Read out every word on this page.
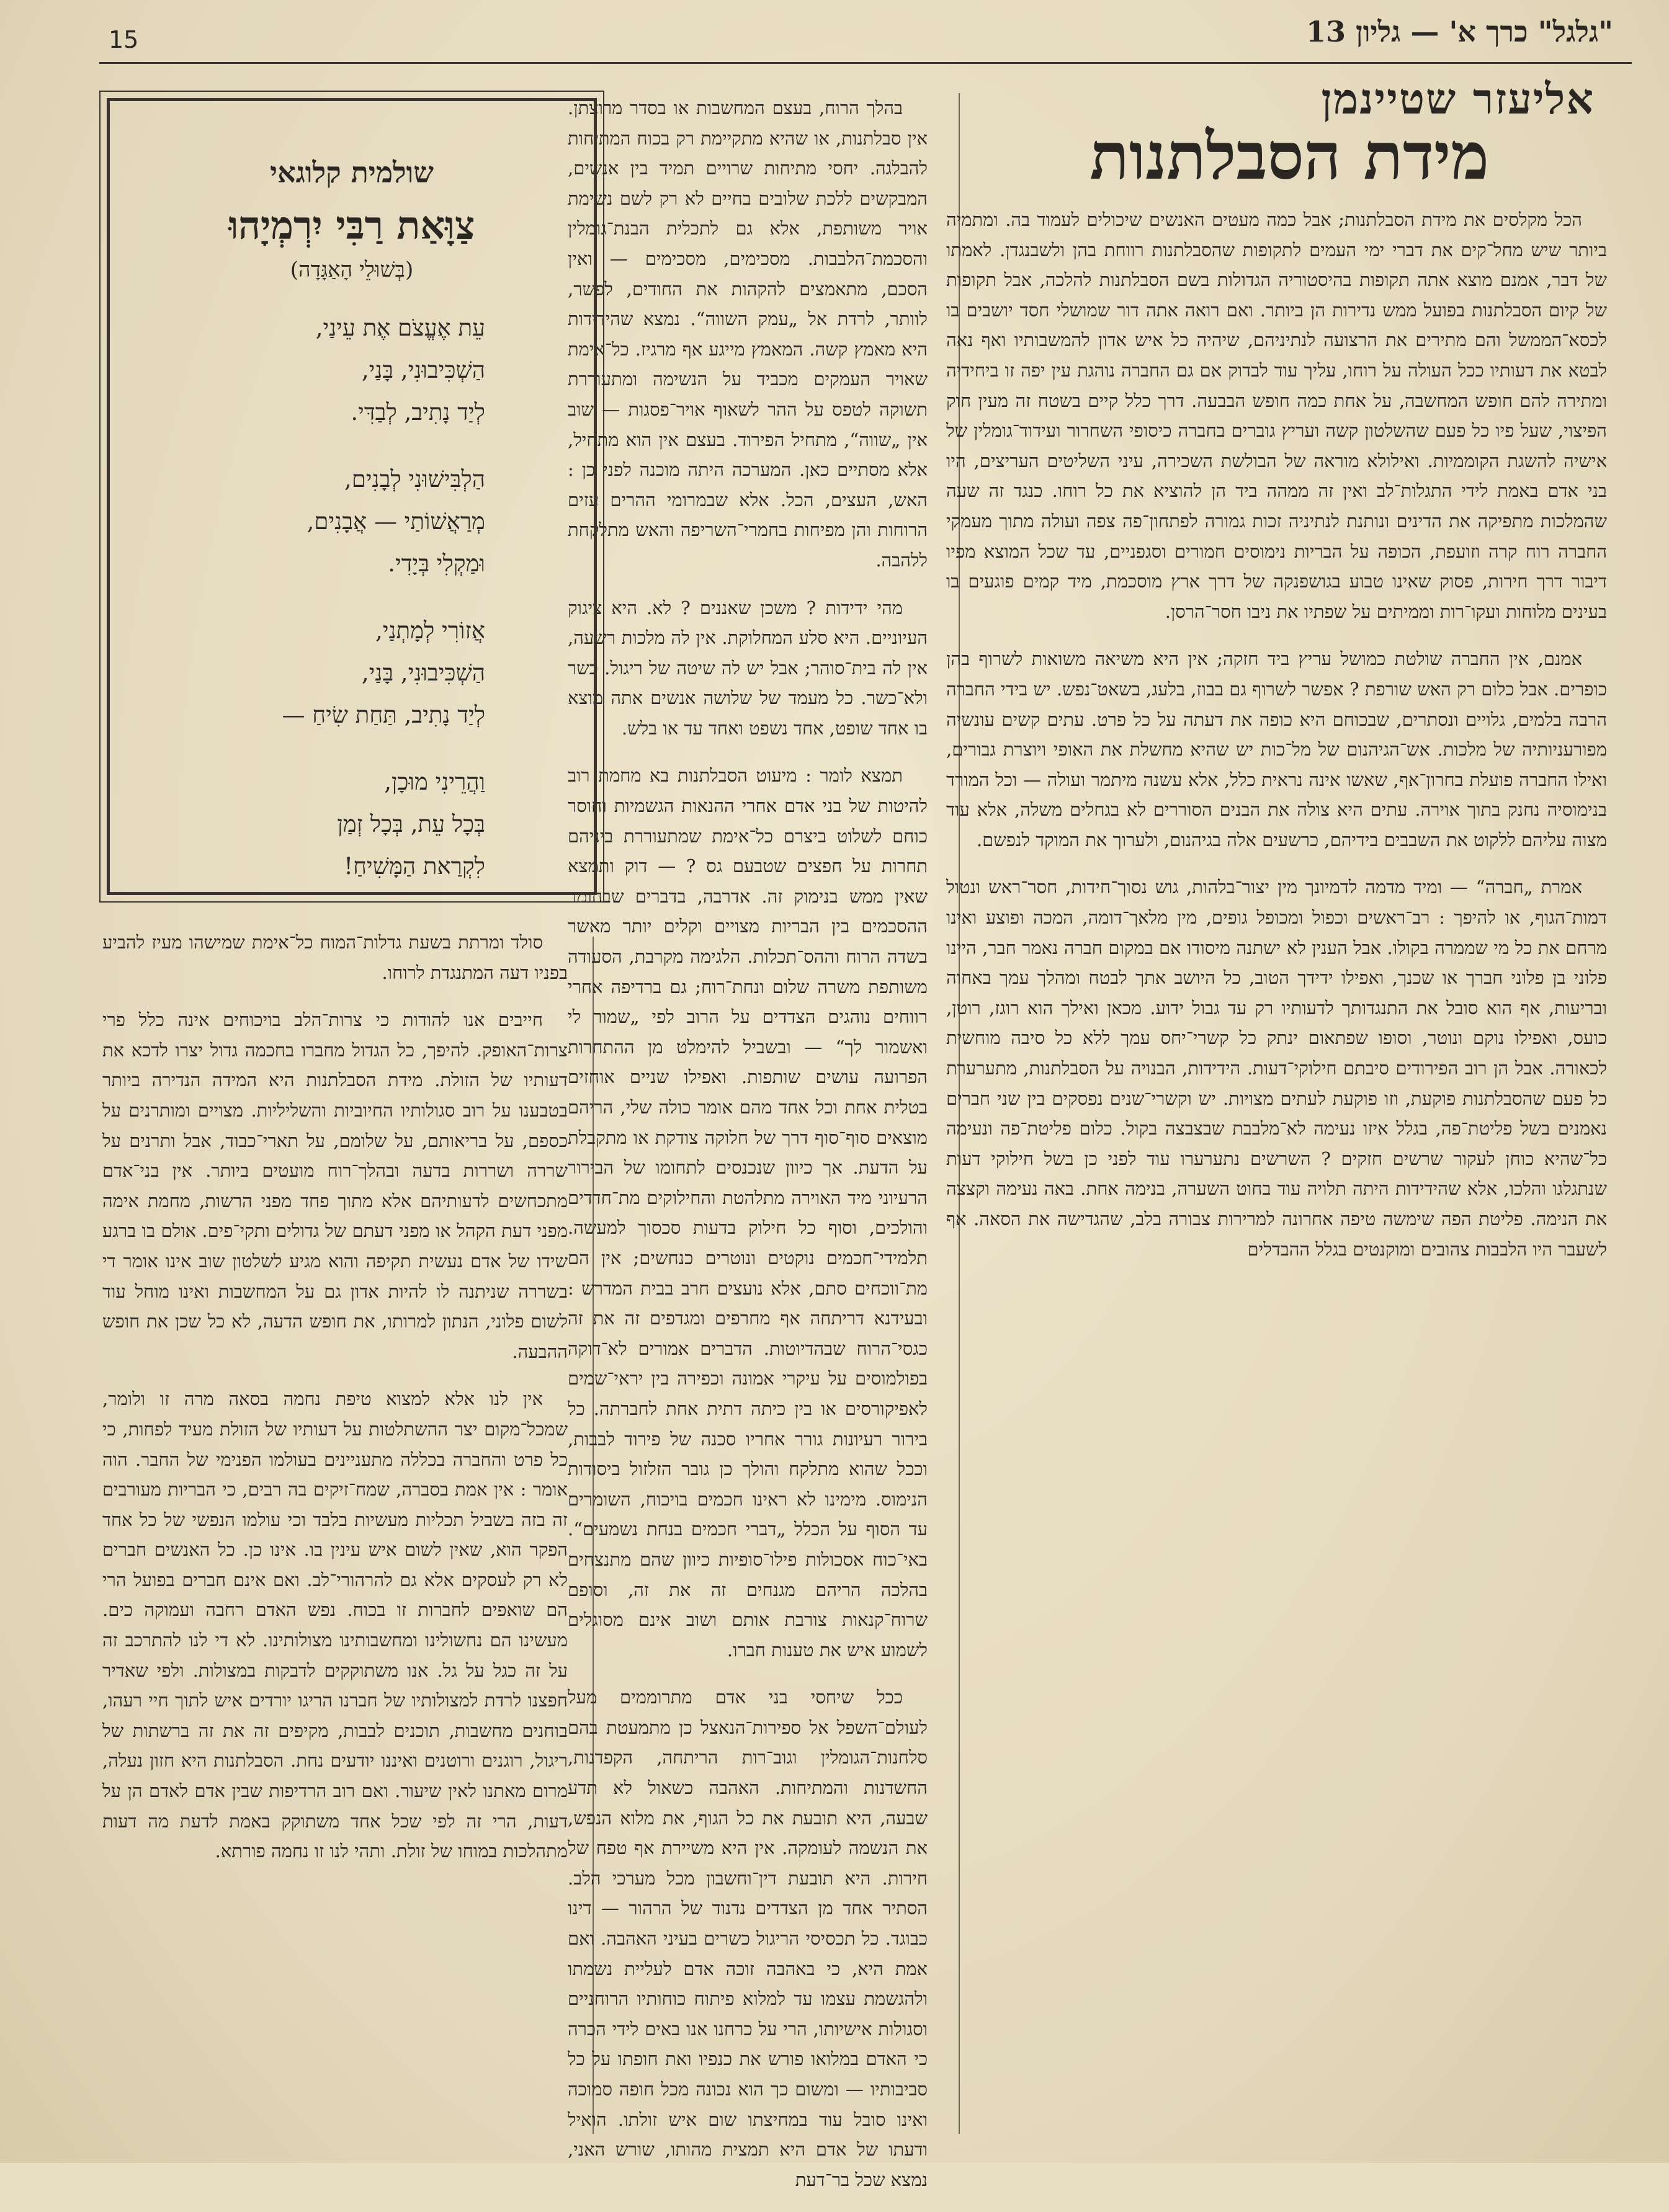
15	"גלגל" כרך א' — גליון 13
אליעזר שטיינמן
מידת הסבלתנות

הכל מקלסים את מידת הסבלתנות; אבל כמה מעטים האנשים שיכולים לעמוד בה. ומתמיה ביותר שיש מחל־קים את דברי ימי העמים לתקופות שהסבלתנות רווחת בהן ולשבנגדן. לאמתו של דבר, אמנם מוצא אתה תקופות בהיסטוריה הגדולות בשם הסבלתנות להלכה, אבל תקופות של קיום הסבלתנות בפועל ממש נדירות הן ביותר. ואם רואה אתה דור שמושלי חסד יושבים בו לכסא־הממשל והם מתירים את הרצועה לנתיניהם, שיהיה כל איש אדון להמשבותיו ואף נאה לבטא את דעותיו ככל העולה על רוחו, עליך עוד לבדוק אם גם החברה נוהגת עין יפה זו ביחידיה ומתירה להם חופש המחשבה, על אחת כמה חופש הבבעה. דרך כלל קיים בשטח זה מעין חוק הפיצוי, שעל פיו כל פעם שהשלטון קשה ועריץ גוברים בחברה כיסופי השחרור ועידוד־גומלין של אישיה להשגת הקוממיות. ואילולא מוראה של הבולשת השכירה, עיני השליטים העריצים, היו בני אדם באמת לידי התגלות־לב ואין זה ממהה ביד הן להוציא את כל רוחו. כנגד זה שעה שהמלכות מתפיקה את הדינים ונותנת לנתיניה זכות גמורה לפתחון־פה צפה ועולה מתוך מעמקי החברה רוח קרה וזועפת, הכופה על הבריות נימוסים חמורים וסגפניים, עד שכל המוצא מפיו דיבור דרך חירות, פסוק שאינו טבוע בגושפנקה של דרך ארץ מוסכמת, מיד קמים פוגעים בו בעינים מלוחות ועקו־רות וממיתים על שפתיו את ניבו חסר־הרסן.

אמנם, אין החברה שולטת כמושל עריץ ביד חזקה; אין היא משיאה משואות לשרוף בהן כופרים. אבל כלום רק האש שורפת ? אפשר לשרוף גם בבוז, בלעג, בשאט־נפש. יש בידי החברה הרבה בלמים, גלויים ונסתרים, שבכוחם היא כופה את דעתה על כל פרט. עתים קשים עונשיה מפורעניותיה של מלכות. אש־הגיהנום של מל־כות יש שהיא מחשלת את האופי ויוצרת גבורים, ואילו החברה פועלת בחרון־אף, שאשו אינה נראית כלל, אלא עשנה מיתמר ועולה — וכל המורד בנימוסיה נחנק בתוך אוירה. עתים היא צולה את הבנים הסוררים לא בגחלים משלה, אלא עוד מצוה עליהם ללקוט את השבבים בידיהם, כרשעים אלה בגיהנום, ולערוך את המוקד לנפשם.

אמרת „חברה“ — ומיד מדמה לדמיונך מין יצור־בלהות, גוש נסוך־חידות, חסר־ראש ונטול דמות־הגוף, או להיפך : רב־ראשים וכפול ומכופל גופים, מין מלאך־דומה, המכה ופוצע ואינו מרחם את כל מי שממרה בקולו. אבל הענין לא ישתנה מיסודו אם במקום חברה נאמר חבר, היינו פלוני בן פלוני חברך או שכנך, ואפילו ידידך הטוב, כל היושב אתך לבטח ומהלך עמך באחוה ובריעות, אף הוא סובל את התנגדותך לדעותיו רק עד גבול ידוע. מכאן ואילך הוא רוגז, רוטן, כועס, ואפילו נוקם ונוטר, וסופו שפתאום ינתק כל קשרי־יחס עמך ללא כל סיבה מוחשית לכאורה. אבל הן רוב הפירודים סיבתם חילוקי־דעות. הידידות, הבנויה על הסבלתנות, מתערערת כל פעם שהסבלתנות פוקעת, וזו פוקעת לעתים מצויות. יש וקשרי־שנים נפסקים בין שני חברים נאמנים בשל פליטת־פה, בגלל איזו נעימה לא־מלבבת שבצבצה בקול. כלום פליטת־פה ונעימה כל־שהיא כוחן לעקור שרשים חזקים ? השרשים נתערערו עוד לפני כן בשל חילוקי דעות שנתגלגו והלכו, אלא שהידידות היתה תלויה עוד בחוט השערה, בנימה אחת. באה נעימה וקצצה את הנימה. פליטת הפה שימשה טיפה אחרונה למרירות צבורה בלב, שהגדישה את הסאה. אף לשעבר היו הלבבות צהובים ומוקנטים בגלל ההבדלים

בהלך הרוח, בעצם המחשבות או בסדר מרוצתן. אין סבלתנות, או שהיא מתקיימת רק בכוח המתיחות להבלגה. יחסי מתיחות שרויים תמיד בין אנשים, המבקשים ללכת שלובים בחיים לא רק לשם נשימת אויר משותפת, אלא גם לתכלית הבנת־גומלין והסכמת־הלבבות. מסכימים, מסכימים — ואין הסכם, מתאמצים להקהות את החודים, לפשר, לוותר, לרדת אל „עמק השווה“. נמצא שהידידות היא מאמץ קשה. המאמץ מייגע אף מרגיז. כל־אימת שאויר העמקים מכביד על הנשימה ומתעוררת תשוקה לטפס על ההר לשאוף אויר־פסגות — שוב אין „שווה“, מתחיל הפירוד. בעצם אין הוא מתחיל, אלא מסתיים כאן. המערכה היתה מוכנה לפני כן : האש, העצים, הכל. אלא שבמרומי ההרים עזים הרוחות והן מפיחות בחמרי־השריפה והאש מתלקחת ללהבה.

מהי ידידות ? משכן שאננים ? לא. היא ציגוק העיוניים. היא סלע המחלוקת. אין לה מלכות רשעה, אין לה בית־סוהר; אבל יש לה שיטה של ריגול. כשר ולא־כשר. כל מעמד של שלושה אנשים אתה מוצא בו אחד שופט, אחד נשפט ואחד עד או בלש.

תמצא לומר : מיעוט הסבלתנות בא מחמת רוב להיטות של בני אדם אחרי ההנאות הגשמיות וחוסר כוחם לשלוט ביצרם כל־אימת שמתעוררת ביניהם תחרות על חפצים שטבעם גס ? — דוק ותמצא שאין ממש בנימוק זה. אדרבה, בדברים שבחומר ההסכמים בין הבריות מצויים וקלים יותר מאשר בשדה הרוח וההס־תכלות. הלגימה מקרבת, הסעודה משותפת משרה שלום ונחת־רוח; גם ברדיפה אחרי רווחים נוהגים הצדדים על הרוב לפי „שמור לי ואשמור לך“ — ובשביל להימלט מן ההתחרות הפרועה עושים שותפות. ואפילו שניים אוחזים בטלית אחת וכל אחד מהם אומר כולה שלי, הריהם מוצאים סוף־סוף דרך של חלוקה צודקת או מתקבלת על הדעת. אך כיוון שנכנסים לתחומו של הבירור הרעיוני מיד האוירה מתלהטת והחילוקים מת־חדדים והולכים, וסוף כל חילוק בדעות סכסוך למעשה. תלמידי־חכמים נוקטים ונוטרים כנחשים; אין הם מת־ווכחים סתם, אלא נועצים חרב בבית המדרש : ובעידנא דריתחה אף מחרפים ומגדפים זה את זה כגסי־הרוח שבהדיוטות. הדברים אמורים לא־דוקה בפולמוסים על עיקרי אמונה וכפירה בין יראי־שמים לאפיקורסים או בין כיתה דתית אחת לחברתה. כל בירור רעיונות גורר אחריו סכנה של פירוד לבבות, וככל שהוא מתלקח והולך כן גובר הזלזול ביסודות הנימוס. מימינו לא ראינו חכמים בויכוח, השומרים עד הסוף על הכלל „דברי חכמים בנחת נשמעים“. באי־כוח אסכולות פילו־סופיות כיוון שהם מתנצחים בהלכה הריהם מגנחים זה את זה, וסופם שרוח־קנאות צורבת אותם ושוב אינם מסוגלים לשמוע איש את טענות חברו.

ככל שיחסי בני אדם מתרוממים מעל לעולם־השפל אל ספירות־הנאצל כן מתמעטת בהם סלחנות־הגומלין וגוב־רות הריתחה, הקפדנות, החשדנות והמתיחות. האהבה כשאול לא תדע שבעה, היא תובעת את כל הגוף, את מלוא הנפש, את הנשמה לעומקה. אין היא משיירת אף טפח של חירות. היא תובעת דין־וחשבון מכל מערכי הלב. הסתיר אחד מן הצדדים נדנוד של הרהור — דינו כבוגד. כל תכסיסי הריגול כשרים בעיני האהבה. ואם אמת היא, כי באהבה זוכה אדם לעליית נשמתו ולהגשמת עצמו עד למלוא פיתוח כוחותיו הרוחניים וסגולות אישיותו, הרי על כרחנו אנו באים לידי הכרה כי האדם במלואו פורש את כנפיו ואת חופתו על כל סביבותיו — ומשום כך הוא נכונה מכל חופה סמוכה ואינו סובל עוד במחיצתו שום איש זולתו. הואיל ודעתו של אדם היא תמצית מהותו, שורש האני, נמצא שכל בר־דעת

סולד ומרתת בשעת גדלות־המוח כל־אימת שמישהו מעיז להביע בפניו דעה המתנגדת לרוחו.

חייבים אנו להודות כי צרות־הלב בויכוחים אינה כלל פרי צרות־האופק. להיפך, כל הגדול מחברו בחכמה גדול יצרו לדכא את דעותיו של הזולת. מידת הסבלתנות היא המידה הנדירה ביותר בטבענו על רוב סגולותיו החיוביות והשליליות. מצויים ומותרנים על כספם, על בריאותם, על שלומם, על תארי־כבוד, אבל ותרנים על שררה ושררות בדעה ובהלך־רוח מועטים ביותר. אין בני־אדם מתכחשים לדעותיהם אלא מתוך פחד מפני הרשות, מחמת אימה מפני דעת הקהל או מפני דעתם של גדולים ותקי־פים. אולם בו ברגע שידו של אדם נעשית תקיפה והוא מגיע לשלטון שוב אינו אומר די בשררה שניתנה לו להיות אדון גם על המחשבות ואינו מוחל עוד לשום פלוני, הנתון למרותו, את חופש הדעה, לא כל שכן את חופש ההבעה.

אין לנו אלא למצוא טיפת נחמה בסאה מרה זו ולומר, שמכל־מקום יצר ההשתלטות על דעותיו של הזולת מעיד לפחות, כי כל פרט והחברה בכללה מתעניינים בעולמו הפנימי של החבר. הוה אומר : אין אמת בסברה, שמח־זיקים בה רבים, כי הבריות מעורבים זה בזה בשביל תכליות מעשיות בלבד וכי עולמו הנפשי של כל אחד הפקר הוא, שאין לשום איש עינין בו. אינו כן. כל האנשים חברים לא רק לעסקים אלא גם להרהורי־לב. ואם אינם חברים בפועל הרי הם שואפים לחברות זו בכוח. נפש האדם רחבה ועמוקה כים. מעשינו הם נחשולינו ומחשבותינו מצולותינו. לא די לנו להתרכב זה על זה כגל על גל. אנו משתוקקים לדבקות במצולות. ולפי שאדיר חפצנו לרדת למצולותיו של חברנו הריגו יורדים איש לתוך חיי רעהו, בוחנים מחשבות, תוכנים לבבות, מקיפים זה את זה ברשתות של ריגול, רוגנים ורוטנים ואיננו יודעים נחת. הסבלתנות היא חזון נעלה, מרום מאתנו לאין שיעור. ואם רוב הרדיפות שבין אדם לאדם הן על דעות, הרי זה לפי שכל אחד משתוקק באמת לדעת מה דעות מתהלכות במוחו של זולת. ותהי לנו זו נחמה פורתא.

שולמית קלוגאי
צַוָּאַת רַבִּי יִרְמְיָהוּ
(בְּשׁוּלֵי הָאַגָּדָה)
עֵת אֶעֱצֹם אֶת עֵינַי,
הַשְׁכִּיבוּנִי, בָּנַי,
לְיַד נָתִיב, לְבַדִּי.
הַלְבִּישׁוּנִי לְבָנִים,
מְרַאֲשׁוֹתַי — אֲבָנִים,
וּמַקְלִי בְּיָדִי.
אֲזוֹרִי לְמָתְנַי,
הַשְׁכִּיבוּנִי, בָּנַי,
לְיַד נָתִיב, תַּחַת שִׂיחַ —
וַהֲרֵינִי מוּכָן,
בְּכָל עֵת, בְּכָל זְמַן
לִקְרַאת הַמָּשִׁיחַ!
